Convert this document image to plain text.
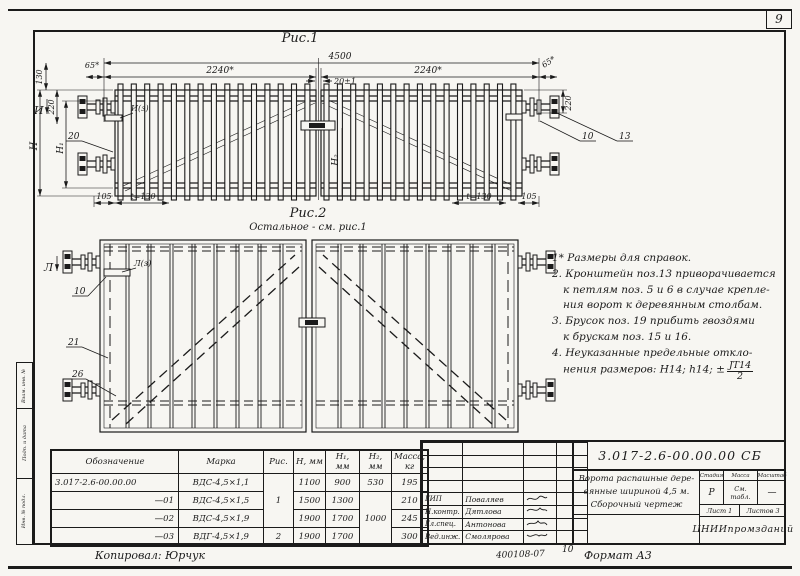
Рис.1
4500
2240*	2240*
65*	65*
20±1
И
130
220
Н Н₁
20
Н₂
И(з)	220
10	13
105 t=130	t=130	105
Рис.2
Остальное - см. рис.1
Л	Л(з)
10
21
26
9
Взам. инв. №
Подп. и дата
Инв. № подл.
1* Размеры для справок.
2. Кронштейн поз.13 приворачивается
к петлям поз. 5 и 6 в случае крепле-
ния ворот к деревянным столбам.
3. Брусок поз. 19 прибить гвоздями
к брускам поз. 15 и 16.
4. Неуказанные предельные откло-
нения размеров: Н14; h14; ± $\frac{JT14}{2}$
Обозначение	Марка	Рис.	Н, мм	Н₁, мм	Н₂, мм	Масса, кг
3.017-2.6-00.00.00	ВДС-4,5×1,1	1	1100	900	530	195
—01	ВДС-4,5×1,5		1500	1300	1000	210
—02	ВДС-4,5×1,9		1900	1700		245
—03	ВДГ-4,5×1,9	2	1900	1700		300

ГИП	Поваляев		
Н.контр.	Дятлова		
Гл.спец.	Антонова		
Вед.инж.	Смолярова		
3.017-2.6-00.00.00 СБ
Ворота распашные дере-
вянные шириной 4,5 м.
Сборочный чертеж
Стадия	Масса	Масштаб
Р	См. табл.	—
Лист 1	Листов 3
ЦНИИпромзданий
Копировал: Юрчук	400108-07 10 Формат А3
